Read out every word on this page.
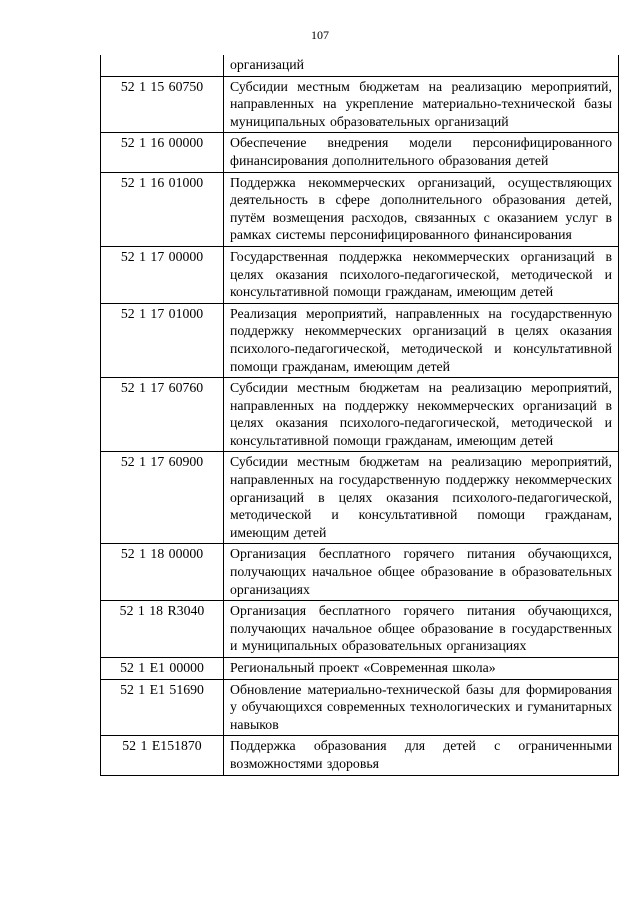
107
	организаций
52 1 15 60750	Субсидии местным бюджетам на реализацию мероприятий, направленных на укрепление материально-технической базы муниципальных образовательных организаций
52 1 16 00000	Обеспечение внедрения модели персонифицированного финансирования дополнительного образования детей
52 1 16 01000	Поддержка некоммерческих организаций, осуществляющих деятельность в сфере дополнительного образования детей, путём возмещения расходов, связанных с оказанием услуг в рамках системы персонифицированного финансирования
52 1 17 00000	Государственная поддержка некоммерческих организаций в целях оказания психолого-педагогической, методической и консультативной помощи гражданам, имеющим детей
52 1 17 01000	Реализация мероприятий, направленных на государственную поддержку некоммерческих организаций в целях оказания психолого-педагогической, методической и консультативной помощи гражданам, имеющим детей
52 1 17 60760	Субсидии местным бюджетам на реализацию мероприятий, направленных на поддержку некоммерческих организаций в целях оказания психолого-педагогической, методической и консультативной помощи гражданам, имеющим детей
52 1 17 60900	Субсидии местным бюджетам на реализацию мероприятий, направленных на государственную поддержку некоммерческих организаций в целях оказания психолого-педагогической, методической и консультативной помощи гражданам, имеющим детей
52 1 18 00000	Организация бесплатного горячего питания обучающихся, получающих начальное общее образование в образовательных организациях
52 1 18 R3040	Организация бесплатного горячего питания обучающихся, получающих начальное общее образование в государственных и муниципальных образовательных организациях
52 1 E1 00000	Региональный проект «Современная школа»
52 1 E1 51690	Обновление материально-технической базы для формирования у обучающихся современных технологических и гуманитарных навыков
52 1 E151870	Поддержка образования для детей с ограниченными возможностями здоровья
